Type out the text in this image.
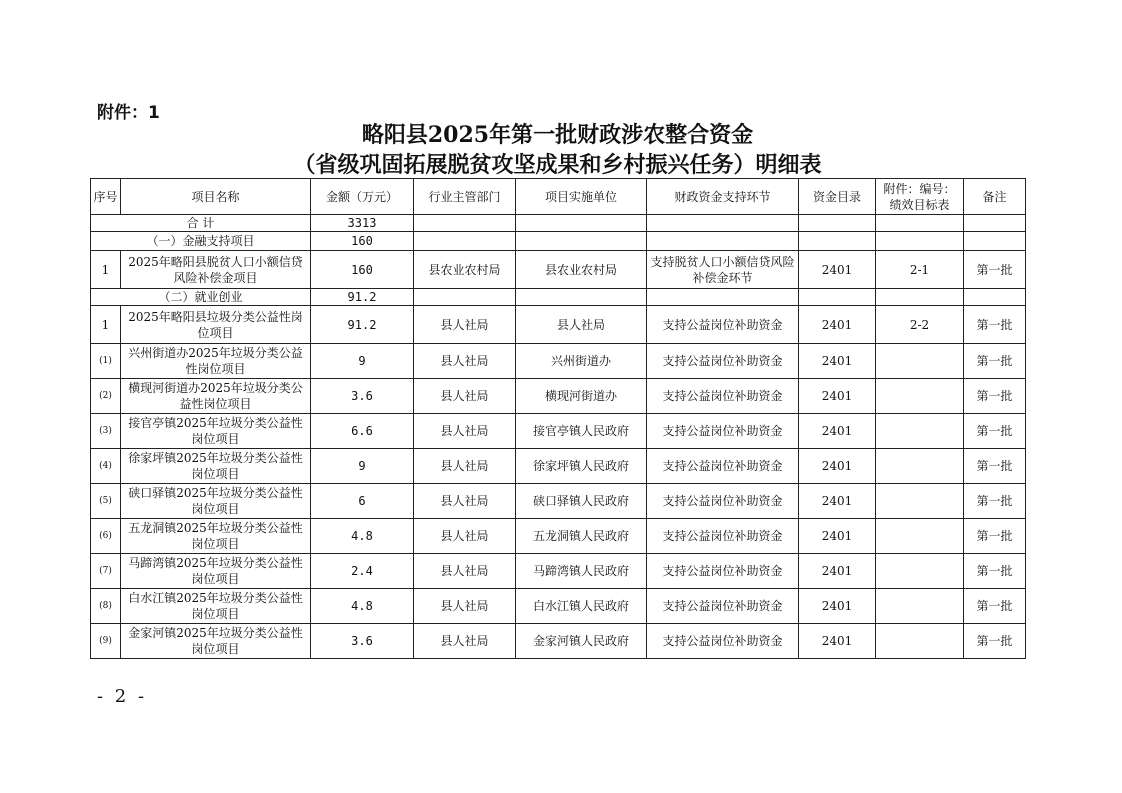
附件：1
略阳县2025年第一批财政涉农整合资金
（省级巩固拓展脱贫攻坚成果和乡村振兴任务）明细表
序号	项目名称	金额（万元）	行业主管部门	项目实施单位	财政资金支持环节	资金目录	附件：编号：绩效目标表	备注
合 计		3313						
（一）金融支持项目		160						
1	2025年略阳县脱贫人口小额信贷风险补偿金项目	160	县农业农村局	县农业农村局	支持脱贫人口小额信贷风险补偿金环节	2401	2-1	第一批
（二）就业创业		91.2						
1	2025年略阳县垃圾分类公益性岗位项目	91.2	县人社局	县人社局	支持公益岗位补助资金	2401	2-2	第一批
(1)	兴州街道办2025年垃圾分类公益性岗位项目	9	县人社局	兴州街道办	支持公益岗位补助资金	2401		第一批
(2)	横现河街道办2025年垃圾分类公益性岗位项目	3.6	县人社局	横现河街道办	支持公益岗位补助资金	2401		第一批
(3)	接官亭镇2025年垃圾分类公益性岗位项目	6.6	县人社局	接官亭镇人民政府	支持公益岗位补助资金	2401		第一批
(4)	徐家坪镇2025年垃圾分类公益性岗位项目	9	县人社局	徐家坪镇人民政府	支持公益岗位补助资金	2401		第一批
(5)	硖口驿镇2025年垃圾分类公益性岗位项目	6	县人社局	硖口驿镇人民政府	支持公益岗位补助资金	2401		第一批
(6)	五龙洞镇2025年垃圾分类公益性岗位项目	4.8	县人社局	五龙洞镇人民政府	支持公益岗位补助资金	2401		第一批
(7)	马蹄湾镇2025年垃圾分类公益性岗位项目	2.4	县人社局	马蹄湾镇人民政府	支持公益岗位补助资金	2401		第一批
(8)	白水江镇2025年垃圾分类公益性岗位项目	4.8	县人社局	白水江镇人民政府	支持公益岗位补助资金	2401		第一批
(9)	金家河镇2025年垃圾分类公益性岗位项目	3.6	县人社局	金家河镇人民政府	支持公益岗位补助资金	2401		第一批
- 2 -
